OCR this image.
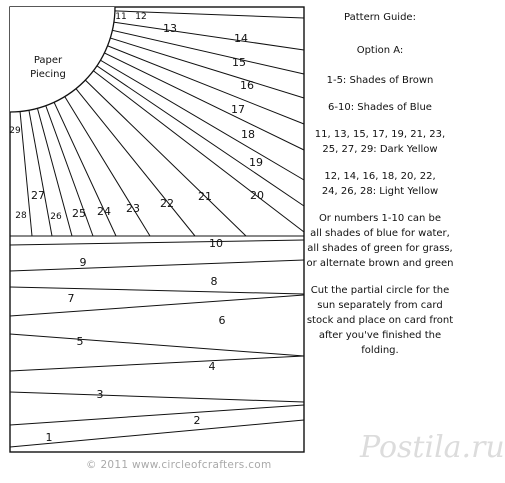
Paper
Piecing
10
9
8
7
6
5
4
3
2
1
11 12
13
14
15
16
17
18
19
20
21
22
23
24
25
26
27
28
29

Pattern Guide:

Option A:

1-5: Shades of Brown

6-10: Shades of Blue

11, 13, 15, 17, 19, 21, 23,
25, 27, 29: Dark Yellow

12, 14, 16, 18, 20, 22,
24, 26, 28: Light Yellow

Or numbers 1-10 can be
all shades of blue for water,
all shades of green for grass,
or alternate brown and green

Cut the partial circle for the
sun separately from card
stock and place on card front
after you've finished the
folding.

© 2011 www.circleofcrafters.com	Postila.ru
